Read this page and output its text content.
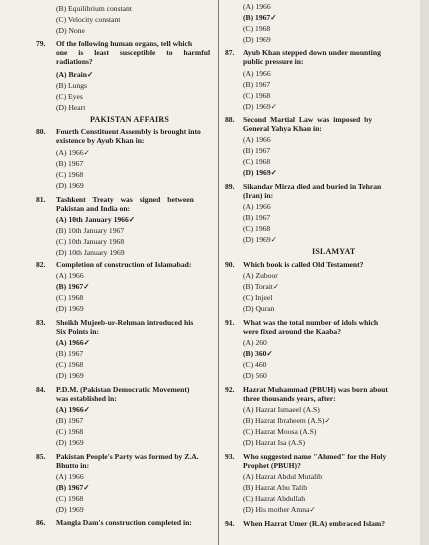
(B) Equilibrium constant
(C) Velocity constant
(D) None
79. Of the following human organs, tell which
one is least susceptible to harmful
radiations?
(A) Brain✓
(B) Lungs
(C) Eyes
(D) Heart
PAKISTAN AFFAIRS
80. Fourth Constituent Assembly is brought into
existence by Ayub Khan in:
(A) 1966✓
(B) 1967
(C) 1968
(D) 1969
81. Tashkent Treaty was signed between
Pakistan and India on:
(A) 10th January 1966✓
(B) 10th January 1967
(C) 10th January 1968
(D) 10th January 1969
82. Completion of construction of Islamabad:
(A) 1966
(B) 1967✓
(C) 1968
(D) 1969
83. Sheikh Mujeeb-ur-Rehman introduced his
Six Points in:
(A) 1966✓
(B) 1967
(C) 1968
(D) 1969
84. P.D.M. (Pakistan Democratic Movement)
was established in:
(A) 1966✓
(B) 1967
(C) 1968
(D) 1969
85. Pakistan People's Party was formed by Z.A.
Bhutto in:
(A) 1966
(B) 1967✓
(C) 1968
(D) 1969
86. Mangla Dam's construction completed in:
(A) 1966
(B) 1967✓
(C) 1968
(D) 1969
87. Ayub Khan stepped down under mounting
public pressure in:
(A) 1966
(B) 1967
(C) 1968
(D) 1969✓
88. Second Martial Law was imposed by
General Yahya Khan in:
(A) 1966
(B) 1967
(C) 1968
(D) 1969✓
89. Sikandar Mirza died and buried in Tehran
(Iran) in:
(A) 1966
(B) 1967
(C) 1968
(D) 1969✓
ISLAMYAT
90. Which book is called Old Testament?
(A) Zuboor
(B) Torait✓
(C) Injeel
(D) Quran
91. What was the total number of idols which
were fixed around the Kaaba?
(A) 260
(B) 360✓
(C) 460
(D) 560
92. Hazrat Muhammad (PBUH) was born about
three thousands years, after:
(A) Hazrat Ismaeel (A.S)
(B) Hazrat Ibraheem (A.S)✓
(C) Hazrat Moosa (A.S)
(D) Hazrat Isa (A.S)
93. Who suggested name "Ahmed" for the Holy
Prophet (PBUH)?
(A) Hazrat Abdul Mutalib
(B) Hazrat Abu Talib
(C) Hazrat Abdullah
(D) His mother Amna✓
94. When Hazrat Umer (R.A) embraced Islam?
